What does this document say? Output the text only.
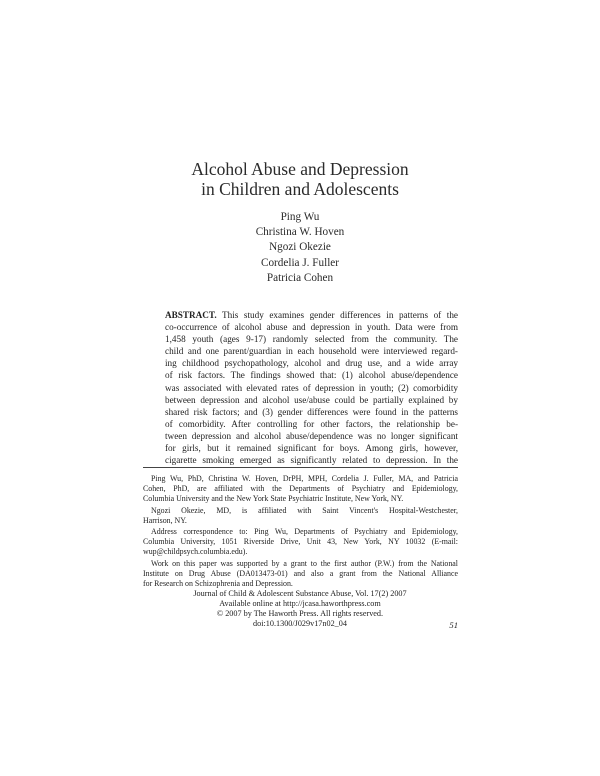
Alcohol Abuse and Depression
in Children and Adolescents
Ping Wu
Christina W. Hoven
Ngozi Okezie
Cordelia J. Fuller
Patricia Cohen
ABSTRACT. This study examines gender differences in patterns of the
co-occurrence of alcohol abuse and depression in youth. Data were from
1,458 youth (ages 9-17) randomly selected from the community. The
child and one parent/guardian in each household were interviewed regard-
ing childhood psychopathology, alcohol and drug use, and a wide array
of risk factors. The findings showed that: (1) alcohol abuse/dependence
was associated with elevated rates of depression in youth; (2) comorbidity
between depression and alcohol use/abuse could be partially explained by
shared risk factors; and (3) gender differences were found in the patterns
of comorbidity. After controlling for other factors, the relationship be-
tween depression and alcohol abuse/dependence was no longer significant
for girls, but it remained significant for boys. Among girls, however,
cigarette smoking emerged as significantly related to depression. In the
Ping Wu, PhD, Christina W. Hoven, DrPH, MPH, Cordelia J. Fuller, MA, and Patricia
Cohen, PhD, are affiliated with the Departments of Psychiatry and Epidemiology,
Columbia University and the New York State Psychiatric Institute, New York, NY.
Ngozi Okezie, MD, is affiliated with Saint Vincent's Hospital-Westchester,
Harrison, NY.
Address correspondence to: Ping Wu, Departments of Psychiatry and Epidemiology,
Columbia University, 1051 Riverside Drive, Unit 43, New York, NY 10032 (E-mail:
wup@childpsych.columbia.edu).
Work on this paper was supported by a grant to the first author (P.W.) from the National
Institute on Drug Abuse (DA013473-01) and also a grant from the National Alliance
for Research on Schizophrenia and Depression.
Journal of Child & Adolescent Substance Abuse, Vol. 17(2) 2007
Available online at http://jcasa.haworthpress.com
© 2007 by The Haworth Press. All rights reserved.
doi:10.1300/J029v17n02_04	51
